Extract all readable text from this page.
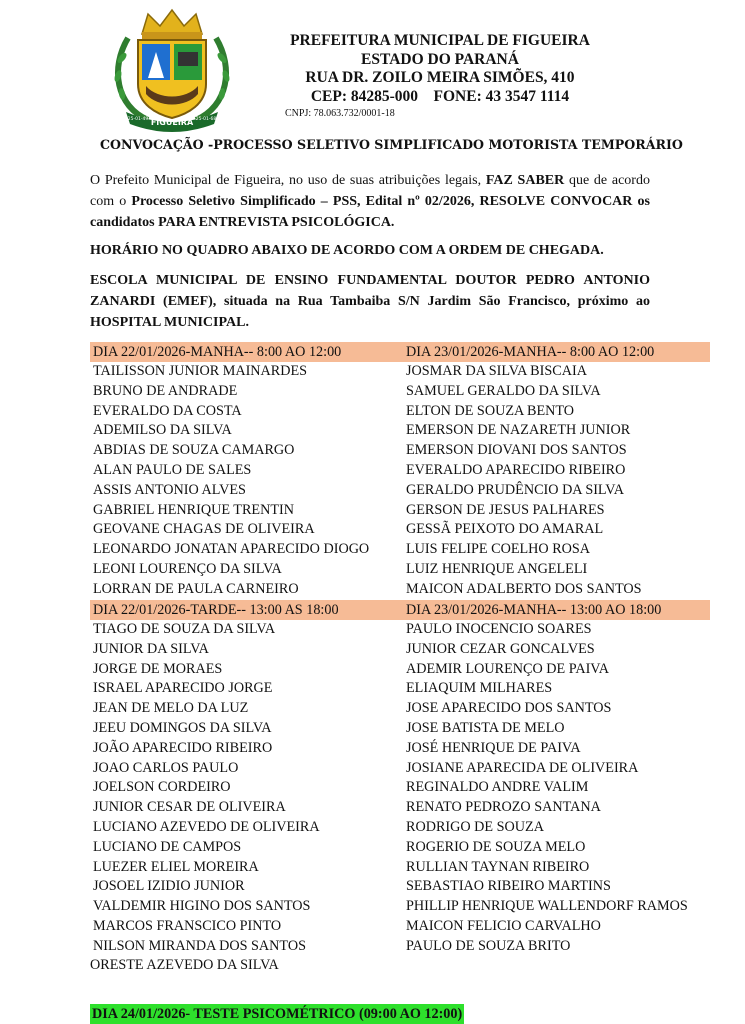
FIGUEIRA
25-01-49	25-01-68
PREFEITURA MUNICIPAL DE FIGUEIRA
ESTADO DO PARANÁ
RUA DR. ZOILO MEIRA SIMÕES, 410
CEP: 84285-000    FONE: 43 3547 1114
CNPJ: 78.063.732/0001-18
CONVOCAÇÃO -PROCESSO SELETIVO SIMPLIFICADO MOTORISTA TEMPORÁRIO
O Prefeito Municipal de Figueira, no uso de suas atribuições legais, FAZ SABER que de acordo com o Processo Seletivo Simplificado – PSS, Edital nº 02/2026, RESOLVE CONVOCAR os candidatos PARA ENTREVISTA PSICOLÓGICA.
HORÁRIO NO QUADRO ABAIXO DE ACORDO COM A ORDEM DE CHEGADA.
ESCOLA MUNICIPAL DE ENSINO FUNDAMENTAL DOUTOR PEDRO ANTONIO ZANARDI (EMEF), situada na Rua Tambaiba S/N Jardim São Francisco, próximo ao HOSPITAL MUNICIPAL.
DIA 22/01/2026-MANHA-- 8:00 AO 12:00	DIA 23/01/2026-MANHA-- 8:00 AO 12:00
TAILISSON JUNIOR MAINARDES	JOSMAR DA SILVA BISCAIA
BRUNO DE ANDRADE	SAMUEL GERALDO DA SILVA
EVERALDO DA COSTA	ELTON DE SOUZA BENTO
ADEMILSO DA SILVA	EMERSON DE NAZARETH JUNIOR
ABDIAS DE SOUZA CAMARGO	EMERSON DIOVANI DOS SANTOS
ALAN PAULO DE SALES	EVERALDO APARECIDO RIBEIRO
ASSIS ANTONIO ALVES	GERALDO PRUDÊNCIO DA SILVA
GABRIEL HENRIQUE TRENTIN	GERSON DE JESUS PALHARES
GEOVANE CHAGAS DE OLIVEIRA	GESSÃ PEIXOTO DO AMARAL
LEONARDO JONATAN APARECIDO DIOGO	LUIS FELIPE COELHO ROSA
LEONI LOURENÇO DA SILVA	LUIZ HENRIQUE ANGELELI
LORRAN DE PAULA CARNEIRO	MAICON ADALBERTO DOS SANTOS
DIA 22/01/2026-TARDE-- 13:00 AS 18:00	DIA 23/01/2026-MANHA-- 13:00 AO 18:00
TIAGO DE SOUZA DA SILVA	PAULO INOCENCIO SOARES
JUNIOR DA SILVA	JUNIOR CEZAR GONCALVES
JORGE DE MORAES	ADEMIR LOURENÇO DE PAIVA
ISRAEL APARECIDO JORGE	ELIAQUIM MILHARES
JEAN DE MELO DA LUZ	JOSE APARECIDO DOS SANTOS
JEEU DOMINGOS DA SILVA	JOSE BATISTA DE MELO
JOÃO APARECIDO RIBEIRO	JOSÉ HENRIQUE DE PAIVA
JOAO CARLOS PAULO	JOSIANE APARECIDA DE OLIVEIRA
JOELSON CORDEIRO	REGINALDO ANDRE VALIM
JUNIOR CESAR DE OLIVEIRA	RENATO PEDROZO SANTANA
LUCIANO AZEVEDO DE OLIVEIRA	RODRIGO DE SOUZA
LUCIANO DE CAMPOS	ROGERIO DE SOUZA MELO
LUEZER ELIEL MOREIRA	RULLIAN TAYNAN RIBEIRO
JOSOEL IZIDIO JUNIOR	SEBASTIAO RIBEIRO MARTINS
VALDEMIR HIGINO DOS SANTOS	PHILLIP HENRIQUE WALLENDORF RAMOS
MARCOS FRANSCICO PINTO	MAICON FELICIO CARVALHO
NILSON MIRANDA DOS SANTOS	PAULO DE SOUZA BRITO
ORESTE AZEVEDO DA SILVA
DIA 24/01/2026- TESTE PSICOMÉTRICO (09:00 AO 12:00)
